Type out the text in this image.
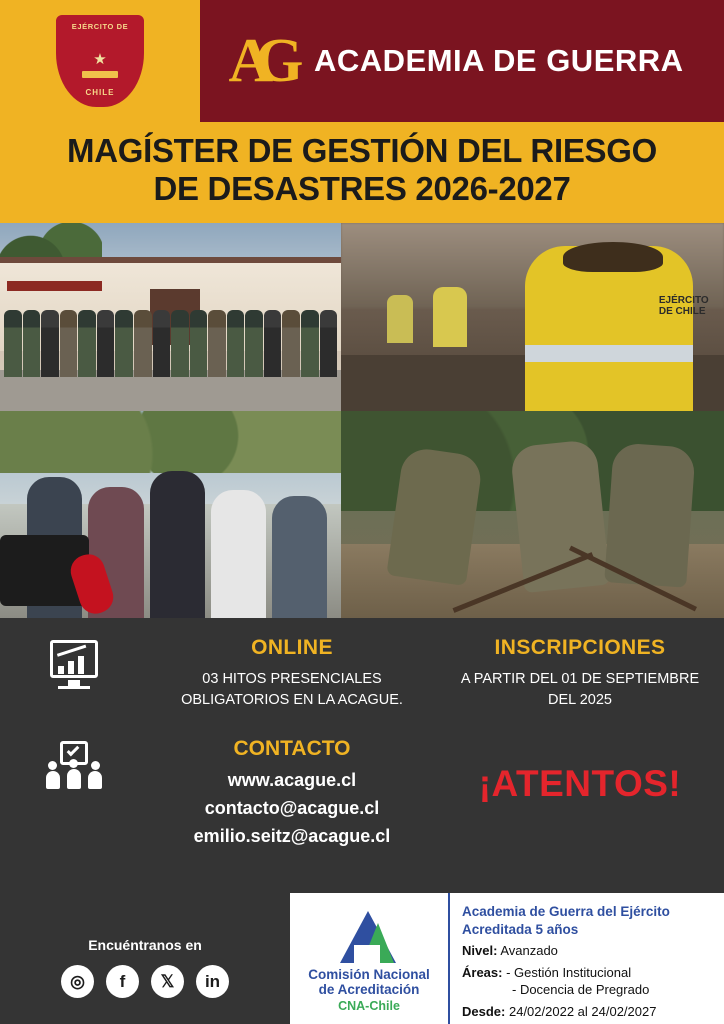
EJÉRCITO DE
★
CHILE AG ACADEMIA DE GUERRA
MAGÍSTER DE GESTIÓN DEL RIESGO
DE DESASTRES 2026-2027
EJÉRCITO
DE CHILE
ONLINE
03 HITOS PRESENCIALES OBLIGATORIOS EN LA ACAGUE.
INSCRIPCIONES
A PARTIR DEL 01 DE SEPTIEMBRE DEL 2025
CONTACTO
www.acague.cl
contacto@acague.cl
emilio.seitz@acague.cl
¡ATENTOS!
Encuéntranos en
◎	f	𝕏	in	Comisión Nacional
de Acreditación
CNA-Chile
Academia de Guerra del Ejército
Acreditada 5 años
Nivel: Avanzado
Áreas: - Gestión Institucional
- Docencia de Pregrado
Desde: 24/02/2022 al 24/02/2027
